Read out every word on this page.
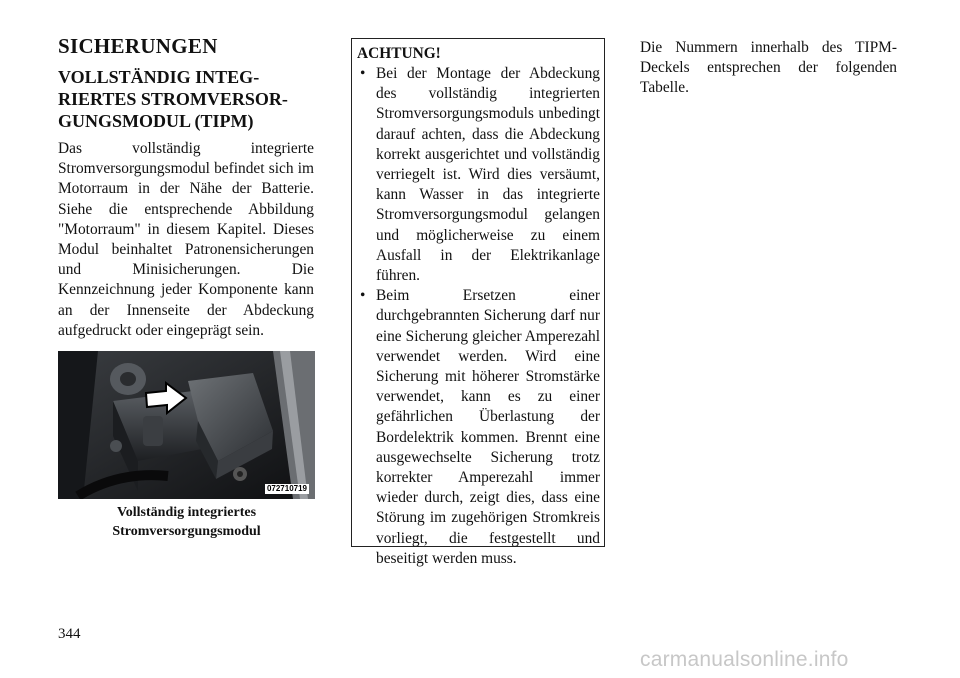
SICHERUNGEN
VOLLSTÄNDIG INTEGRIERTES STROMVERSORGUNGSMODUL (TIPM)

Das vollständig integrierte Stromversorgungsmodul befindet sich im Motorraum in der Nähe der Batterie. Siehe die entsprechende Abbildung "Motorraum" in diesem Kapitel. Dieses Modul beinhaltet Patronensicherungen und Minisicherungen. Die Kennzeichnung jeder Komponente kann an der Innenseite der Abdeckung aufgedruckt oder eingeprägt sein.

072710719
Vollständig integriertes
Stromversorgungsmodul
ACHTUNG!
• Bei der Montage der Abdeckung des vollständig integrierten Stromversorgungsmoduls unbedingt darauf achten, dass die Abdeckung korrekt ausgerichtet und vollständig verriegelt ist. Wird dies versäumt, kann Wasser in das integrierte Stromversorgungsmodul gelangen und möglicherweise zu einem Ausfall in der Elektrikanlage führen.
• Beim Ersetzen einer durchgebrannten Sicherung darf nur eine Sicherung gleicher Amperezahl verwendet werden. Wird eine Sicherung mit höherer Stromstärke verwendet, kann es zu einer gefährlichen Überlastung der Bordelektrik kommen. Brennt eine ausgewechselte Sicherung trotz korrekter Amperezahl immer wieder durch, zeigt dies, dass eine Störung im zugehörigen Stromkreis vorliegt, die festgestellt und beseitigt werden muss.

Die Nummern innerhalb des TIPM-Deckels entsprechen der folgenden Tabelle.

344
carmanualsonline.info
